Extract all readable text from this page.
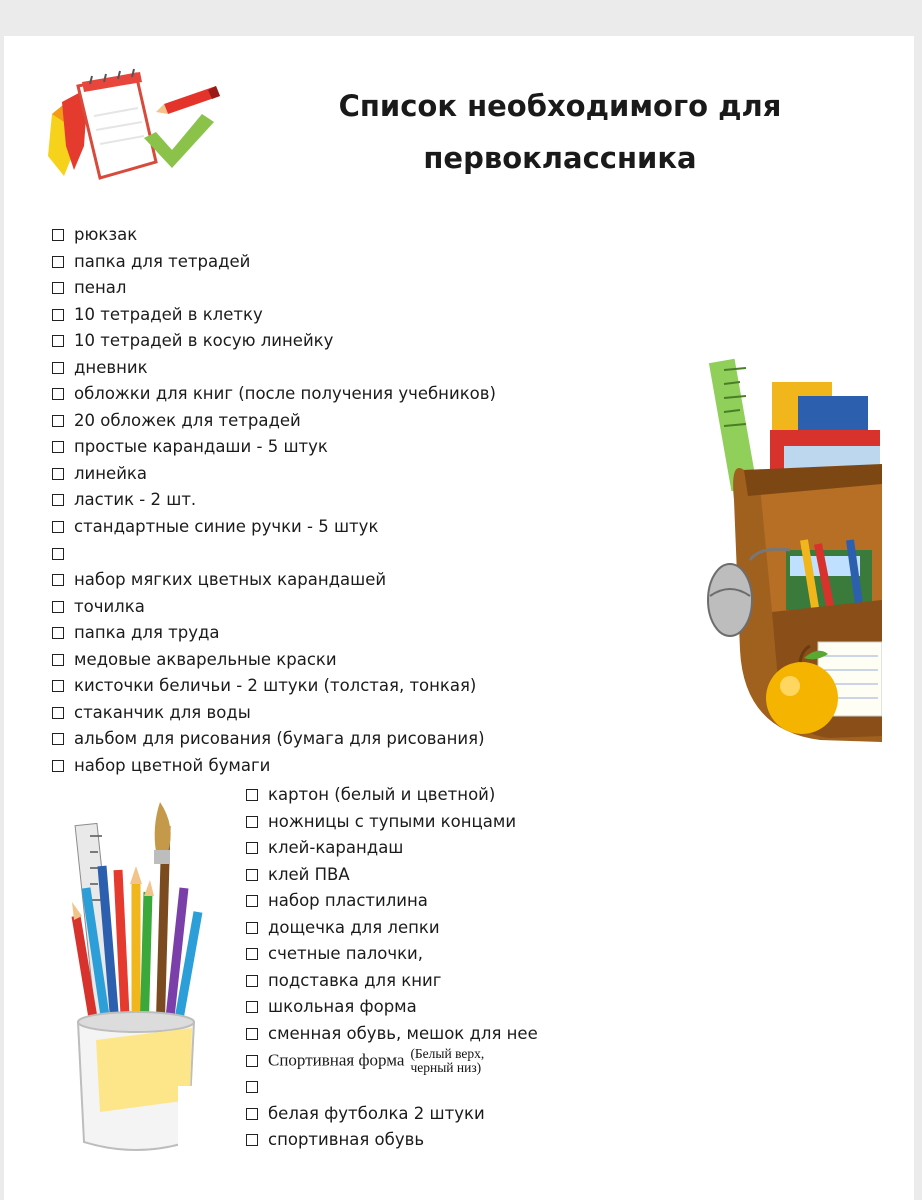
Список необходимого для
первоклассника
рюкзак
папка для тетрадей
пенал
10 тетрадей в клетку
10 тетрадей в косую линейку
дневник
обложки для книг (после получения учебников)
20 обложек для тетрадей
простые карандаши - 5 штук
линейка
ластик - 2 шт.
стандартные синие ручки - 5 штук
набор мягких цветных карандашей
точилка
папка для труда
медовые акварельные краски
кисточки беличьи - 2 штуки (толстая, тонкая)
стаканчик для воды
альбом для рисования (бумага для рисования)
набор цветной бумаги
картон (белый и цветной)
ножницы с тупыми концами
клей-карандаш
клей ПВА
набор пластилина
дощечка для лепки
счетные палочки,
подставка для книг
школьная форма
сменная обувь, мешок для нее
Спортивная форма (Белый верх,
черный низ)
белая футболка 2 штуки
спортивная обувь
